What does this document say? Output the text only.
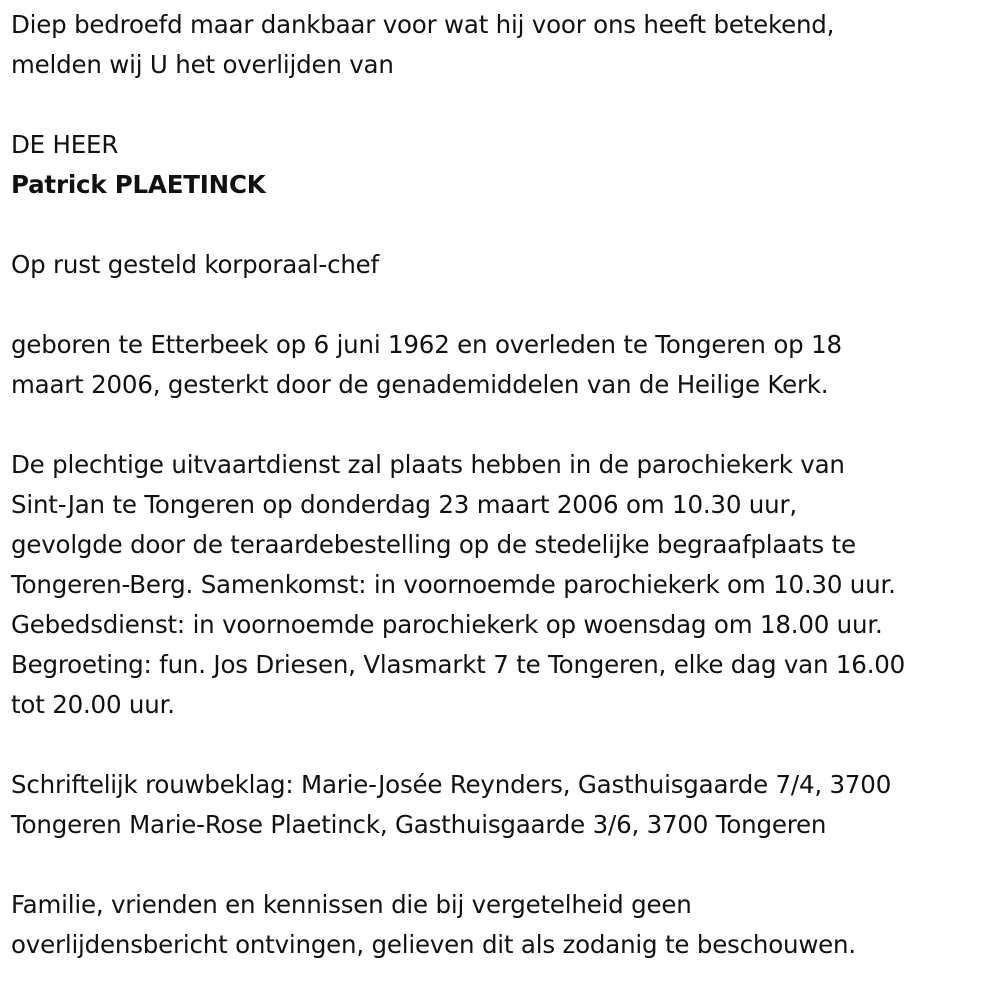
Diep bedroefd maar dankbaar voor wat hij voor ons heeft betekend,
melden wij U het overlijden van
DE HEER
Patrick PLAETINCK
Op rust gesteld korporaal-chef
geboren te Etterbeek op 6 juni 1962 en overleden te Tongeren op 18
maart 2006, gesterkt door de genademiddelen van de Heilige Kerk.
De plechtige uitvaartdienst zal plaats hebben in de parochiekerk van
Sint-Jan te Tongeren op donderdag 23 maart 2006 om 10.30 uur,
gevolgde door de teraardebestelling op de stedelijke begraafplaats te
Tongeren-Berg. Samenkomst: in voornoemde parochiekerk om 10.30 uur.
Gebedsdienst: in voornoemde parochiekerk op woensdag om 18.00 uur.
Begroeting: fun. Jos Driesen, Vlasmarkt 7 te Tongeren, elke dag van 16.00
tot 20.00 uur.
Schriftelijk rouwbeklag: Marie-Josée Reynders, Gasthuisgaarde 7/4, 3700
Tongeren Marie-Rose Plaetinck, Gasthuisgaarde 3/6, 3700 Tongeren
Familie, vrienden en kennissen die bij vergetelheid geen
overlijdensbericht ontvingen, gelieven dit als zodanig te beschouwen.
